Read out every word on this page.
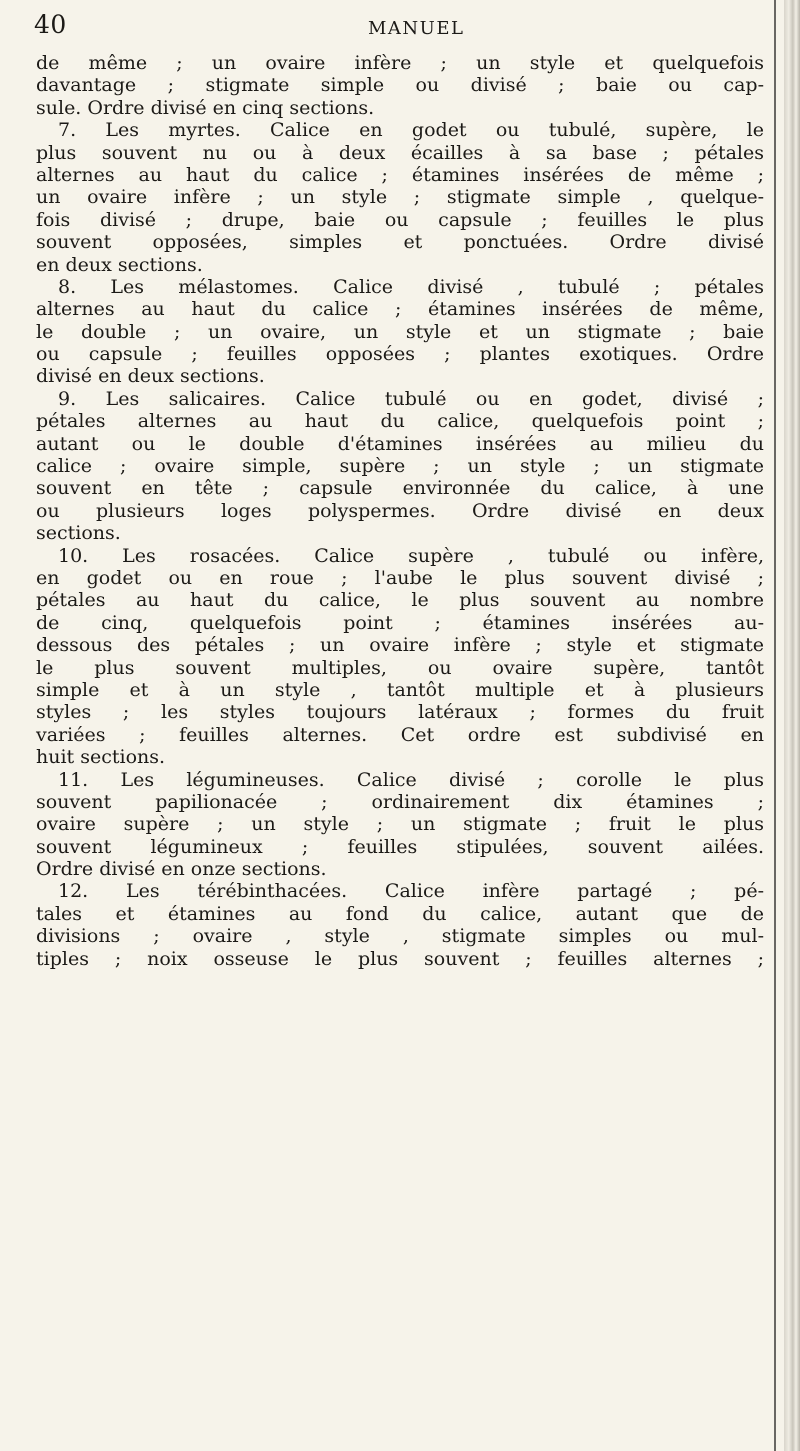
40	MANUEL
de même ; un ovaire infère ; un style et quelquefois
davantage ; stigmate simple ou divisé ; baie ou cap-
sule. Ordre divisé en cinq sections.
7. Les myrtes. Calice en godet ou tubulé, supère, le
plus souvent nu ou à deux écailles à sa base ; pétales
alternes au haut du calice ; étamines insérées de même ;
un ovaire infère ; un style ; stigmate simple , quelque-
fois divisé ; drupe, baie ou capsule ; feuilles le plus
souvent opposées, simples et ponctuées. Ordre divisé
en deux sections.
8. Les mélastomes. Calice divisé , tubulé ; pétales
alternes au haut du calice ; étamines insérées de même,
le double ; un ovaire, un style et un stigmate ; baie
ou capsule ; feuilles opposées ; plantes exotiques. Ordre
divisé en deux sections.
9. Les salicaires. Calice tubulé ou en godet, divisé ;
pétales alternes au haut du calice, quelquefois point ;
autant ou le double d'étamines insérées au milieu du
calice ; ovaire simple, supère ; un style ; un stigmate
souvent en tête ; capsule environnée du calice, à une
ou plusieurs loges polyspermes. Ordre divisé en deux
sections.
10. Les rosacées. Calice supère , tubulé ou infère,
en godet ou en roue ; l'aube le plus souvent divisé ;
pétales au haut du calice, le plus souvent au nombre
de cinq, quelquefois point ; étamines insérées au-
dessous des pétales ; un ovaire infère ; style et stigmate
le plus souvent multiples, ou ovaire supère, tantôt
simple et à un style , tantôt multiple et à plusieurs
styles ; les styles toujours latéraux ; formes du fruit
variées ; feuilles alternes. Cet ordre est subdivisé en
huit sections.
11. Les légumineuses. Calice divisé ; corolle le plus
souvent papilionacée ; ordinairement dix étamines ;
ovaire supère ; un style ; un stigmate ; fruit le plus
souvent légumineux ; feuilles stipulées, souvent ailées.
Ordre divisé en onze sections.
12. Les térébinthacées. Calice infère partagé ; pé-
tales et étamines au fond du calice, autant que de
divisions ; ovaire , style , stigmate simples ou mul-
tiples ; noix osseuse le plus souvent ; feuilles alternes ;
